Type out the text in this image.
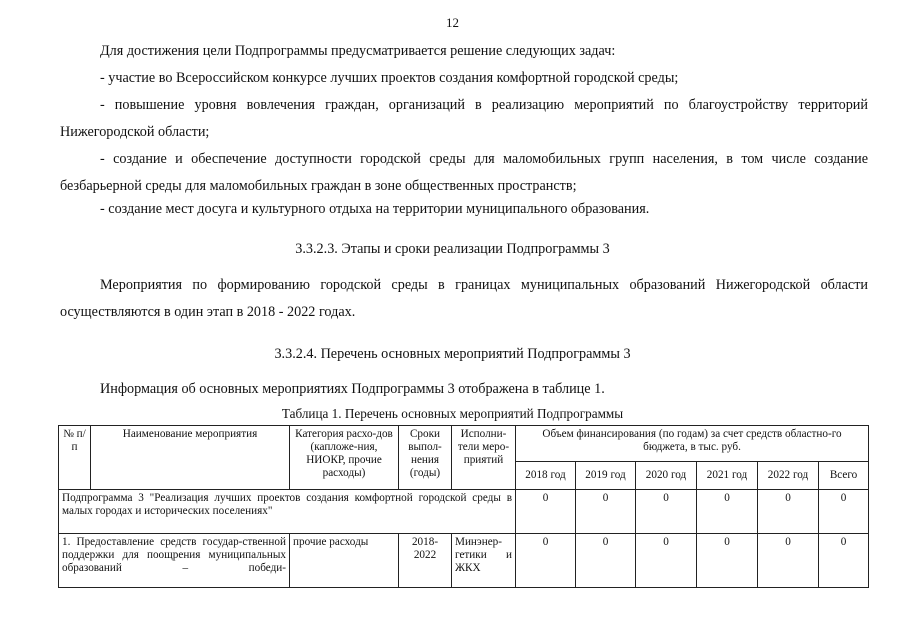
12
Для достижения цели Подпрограммы предусматривается решение следующих задач:
- участие во Всероссийском конкурсе лучших проектов создания комфортной городской среды;
- повышение уровня вовлечения граждан, организаций в реализацию мероприятий по благоустройству территорий Нижегородской области;
- создание и обеспечение доступности городской среды для маломобильных групп населения, в том числе создание безбарьерной среды для маломобильных граждан в зоне общественных пространств;
- создание мест досуга и культурного отдыха на территории муниципального образования.
3.3.2.3. Этапы и сроки реализации Подпрограммы 3
Мероприятия по формированию городской среды в границах муниципальных образований Нижегородской области осуществляются в один этап в 2018 - 2022 годах.
3.3.2.4. Перечень основных мероприятий Подпрограммы 3
Информация об основных мероприятиях Подпрограммы 3 отображена в таблице 1.
Таблица 1. Перечень основных мероприятий Подпрограммы
№ п/п	Наименование мероприятия	Категория расхо-дов (капложе-ния, НИОКР, прочие расходы)	Сроки выпол-нения (годы)	Исполни-тели меро-приятий	Объем финансирования (по годам) за счет средств областно-го бюджета, в тыс. руб.					
					2018 год	2019 год	2020 год	2021 год	2022 год	Всего
Подпрограмма 3 "Реализация лучших проектов создания комфортной городской среды в малых городах и исторических поселениях"					0	0	0	0	0	0
1. Предоставление средств государ-ственной поддержки для поощрения муниципальных образований – победи-		прочие расходы	2018-2022	Минэнер-гетики и ЖКХ	0	0	0	0	0	0
